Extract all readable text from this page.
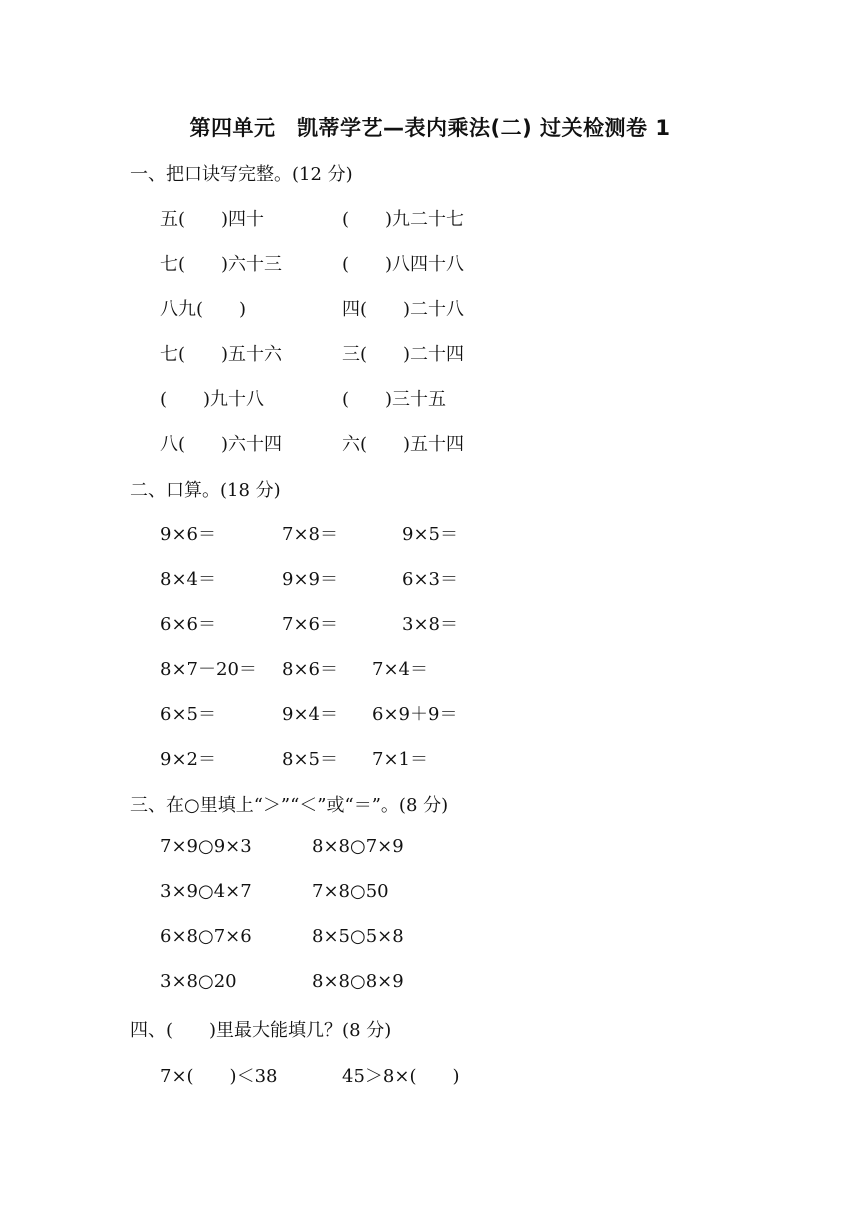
第四单元　凯蒂学艺—表内乘法(二) 过关检测卷 1
一、把口诀写完整。(12 分)
五(　　)四十	(　　)九二十七
七(　　)六十三	(　　)八四十八
八九(　　)	四(　　)二十八
七(　　)五十六	三(　　)二十四
(　　)九十八	(　　)三十五
八(　　)六十四	六(　　)五十四
二、口算。(18 分)
9×6＝	7×8＝	9×5＝
8×4＝	9×9＝	6×3＝
6×6＝	7×6＝	3×8＝
8×7－20＝ 8×6＝ 7×4＝
6×5＝	9×4＝ 6×9＋9＝
9×2＝	8×5＝ 7×1＝
三、在○里填上“＞”“＜”或“＝”。(8 分)
7×9○9×3	8×8○7×9
3×9○4×7	7×8○50
6×8○7×6	8×5○5×8
3×8○20	8×8○8×9
四、(　　)里最大能填几？(8 分)
7×(　　)＜38	45＞8×(　　)
